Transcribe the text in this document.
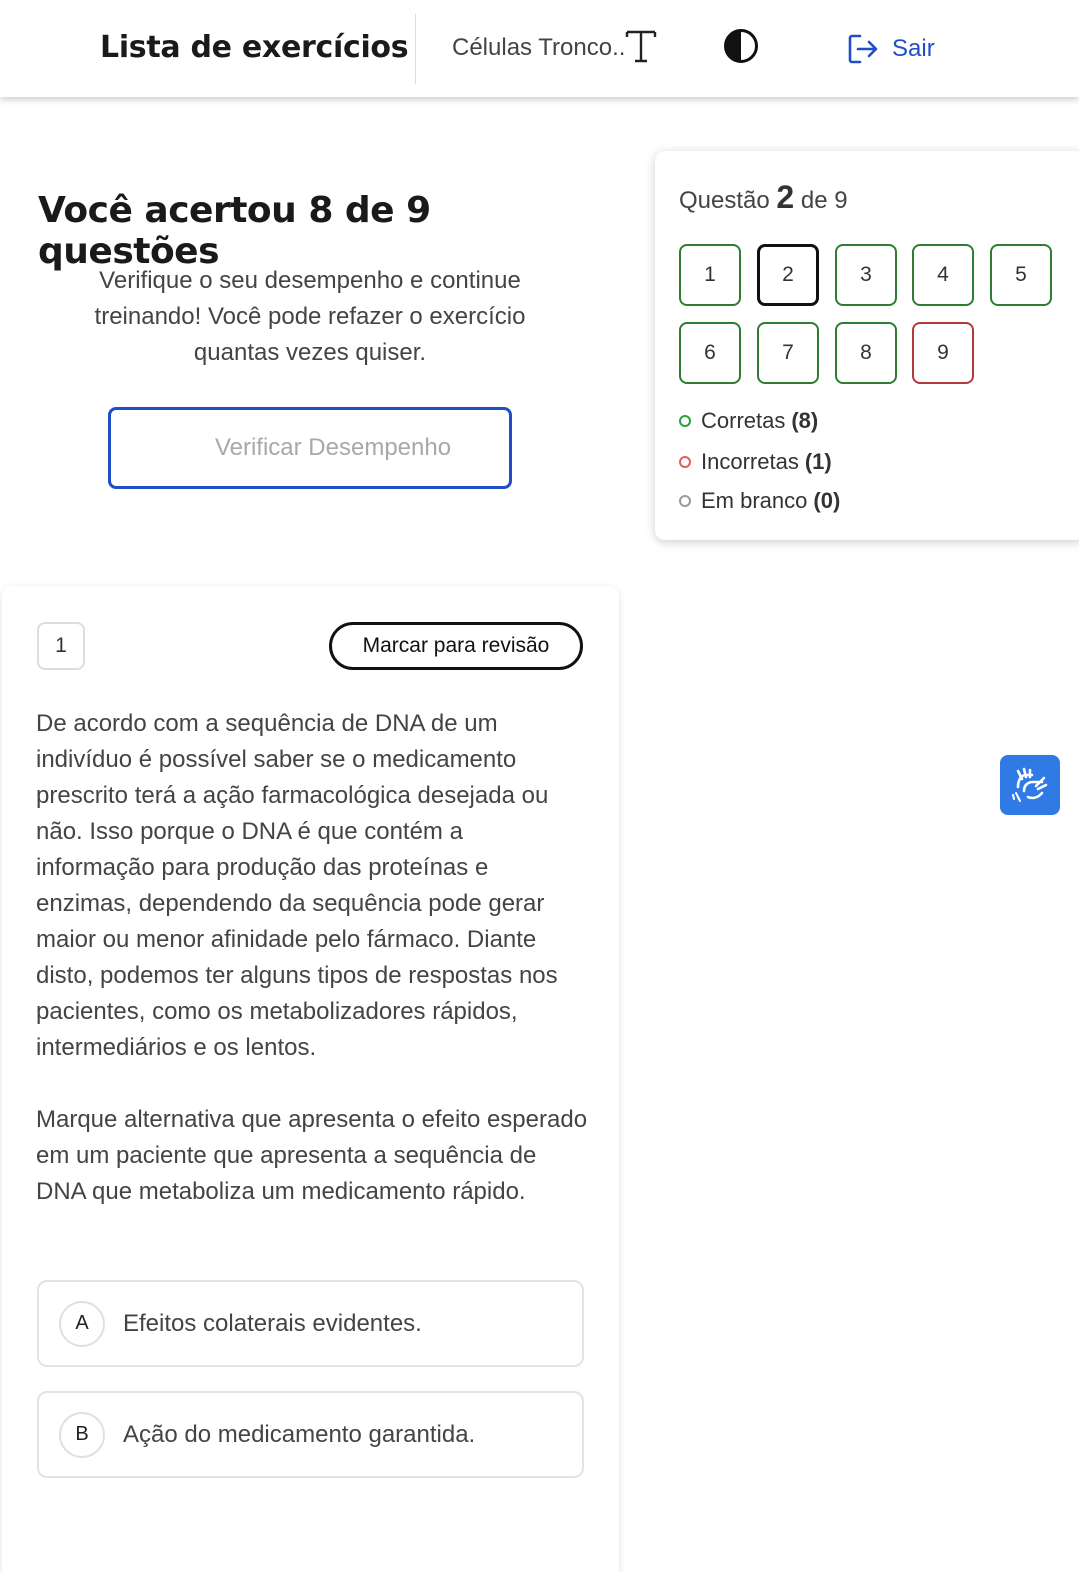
Lista de exercícios Células Tronco..	Sair
Você acertou 8 de 9 questões
Verifique o seu desempenho e continue treinando! Você pode refazer o exercício quantas vezes quiser.
Verificar Desempenho
Questão 2 de 9
1	2	3	4	5
6	7	8	9
Corretas (8)
Incorretas (1)
Em branco (0)
1	Marcar para revisão

De acordo com a sequência de DNA de um indivíduo é possível saber se o medicamento prescrito terá a ação farmacológica desejada ou não. Isso porque o DNA é que contém a informação para produção das proteínas e enzimas, dependendo da sequência pode gerar maior ou menor afinidade pelo fármaco. Diante disto, podemos ter alguns tipos de respostas nos pacientes, como os metabolizadores rápidos, intermediários e os lentos.

Marque alternativa que apresenta o efeito esperado em um paciente que apresenta a sequência de DNA que metaboliza um medicamento rápido.

A	Efeitos colaterais evidentes.
B	Ação do medicamento garantida.
